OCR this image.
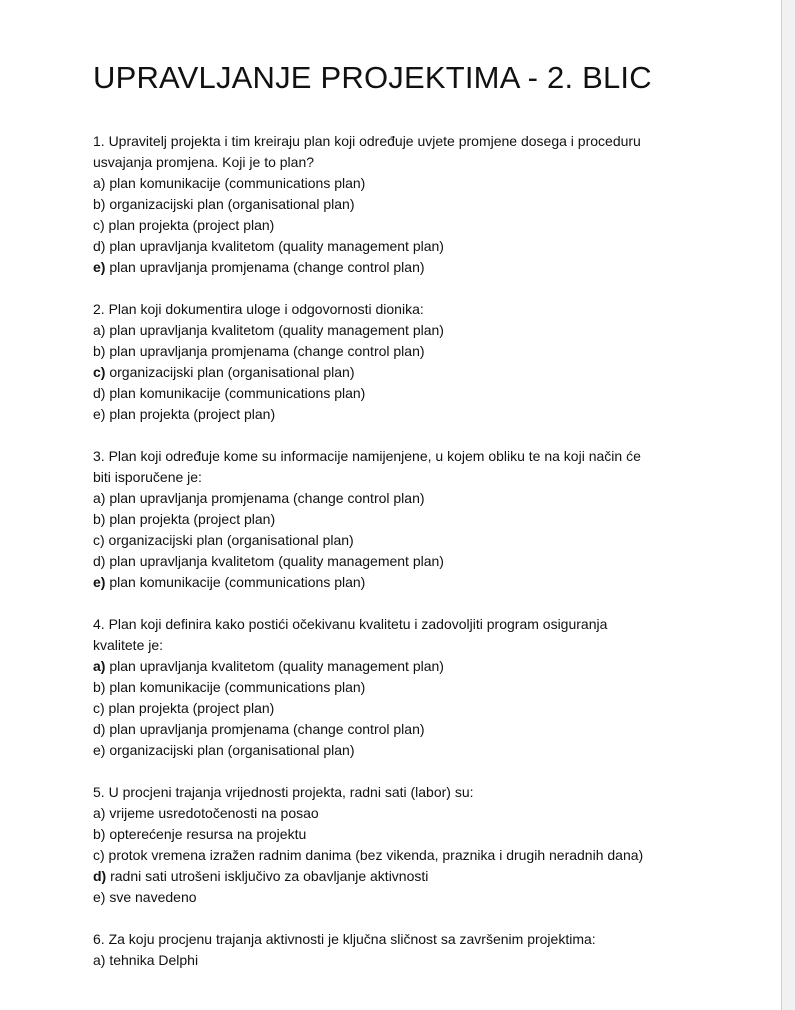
UPRAVLJANJE PROJEKTIMA - 2. BLIC
1. Upravitelj projekta i tim kreiraju plan koji određuje uvjete promjene dosega i proceduru
usvajanja promjena. Koji je to plan?
a) plan komunikacije (communications plan)
b) organizacijski plan (organisational plan)
c) plan projekta (project plan)
d) plan upravljanja kvalitetom (quality management plan)
e) plan upravljanja promjenama (change control plan)
2. Plan koji dokumentira uloge i odgovornosti dionika:
a) plan upravljanja kvalitetom (quality management plan)
b) plan upravljanja promjenama (change control plan)
c) organizacijski plan (organisational plan)
d) plan komunikacije (communications plan)
e) plan projekta (project plan)
3. Plan koji određuje kome su informacije namijenjene, u kojem obliku te na koji način će
biti isporučene je:
a) plan upravljanja promjenama (change control plan)
b) plan projekta (project plan)
c) organizacijski plan (organisational plan)
d) plan upravljanja kvalitetom (quality management plan)
e) plan komunikacije (communications plan)
4. Plan koji definira kako postići očekivanu kvalitetu i zadovoljiti program osiguranja
kvalitete je:
a) plan upravljanja kvalitetom (quality management plan)
b) plan komunikacije (communications plan)
c) plan projekta (project plan)
d) plan upravljanja promjenama (change control plan)
e) organizacijski plan (organisational plan)
5. U procjeni trajanja vrijednosti projekta, radni sati (labor) su:
a) vrijeme usredotočenosti na posao
b) opterećenje resursa na projektu
c) protok vremena izražen radnim danima (bez vikenda, praznika i drugih neradnih dana)
d) radni sati utrošeni isključivo za obavljanje aktivnosti
e) sve navedeno
6. Za koju procjenu trajanja aktivnosti je ključna sličnost sa završenim projektima:
a) tehnika Delphi
